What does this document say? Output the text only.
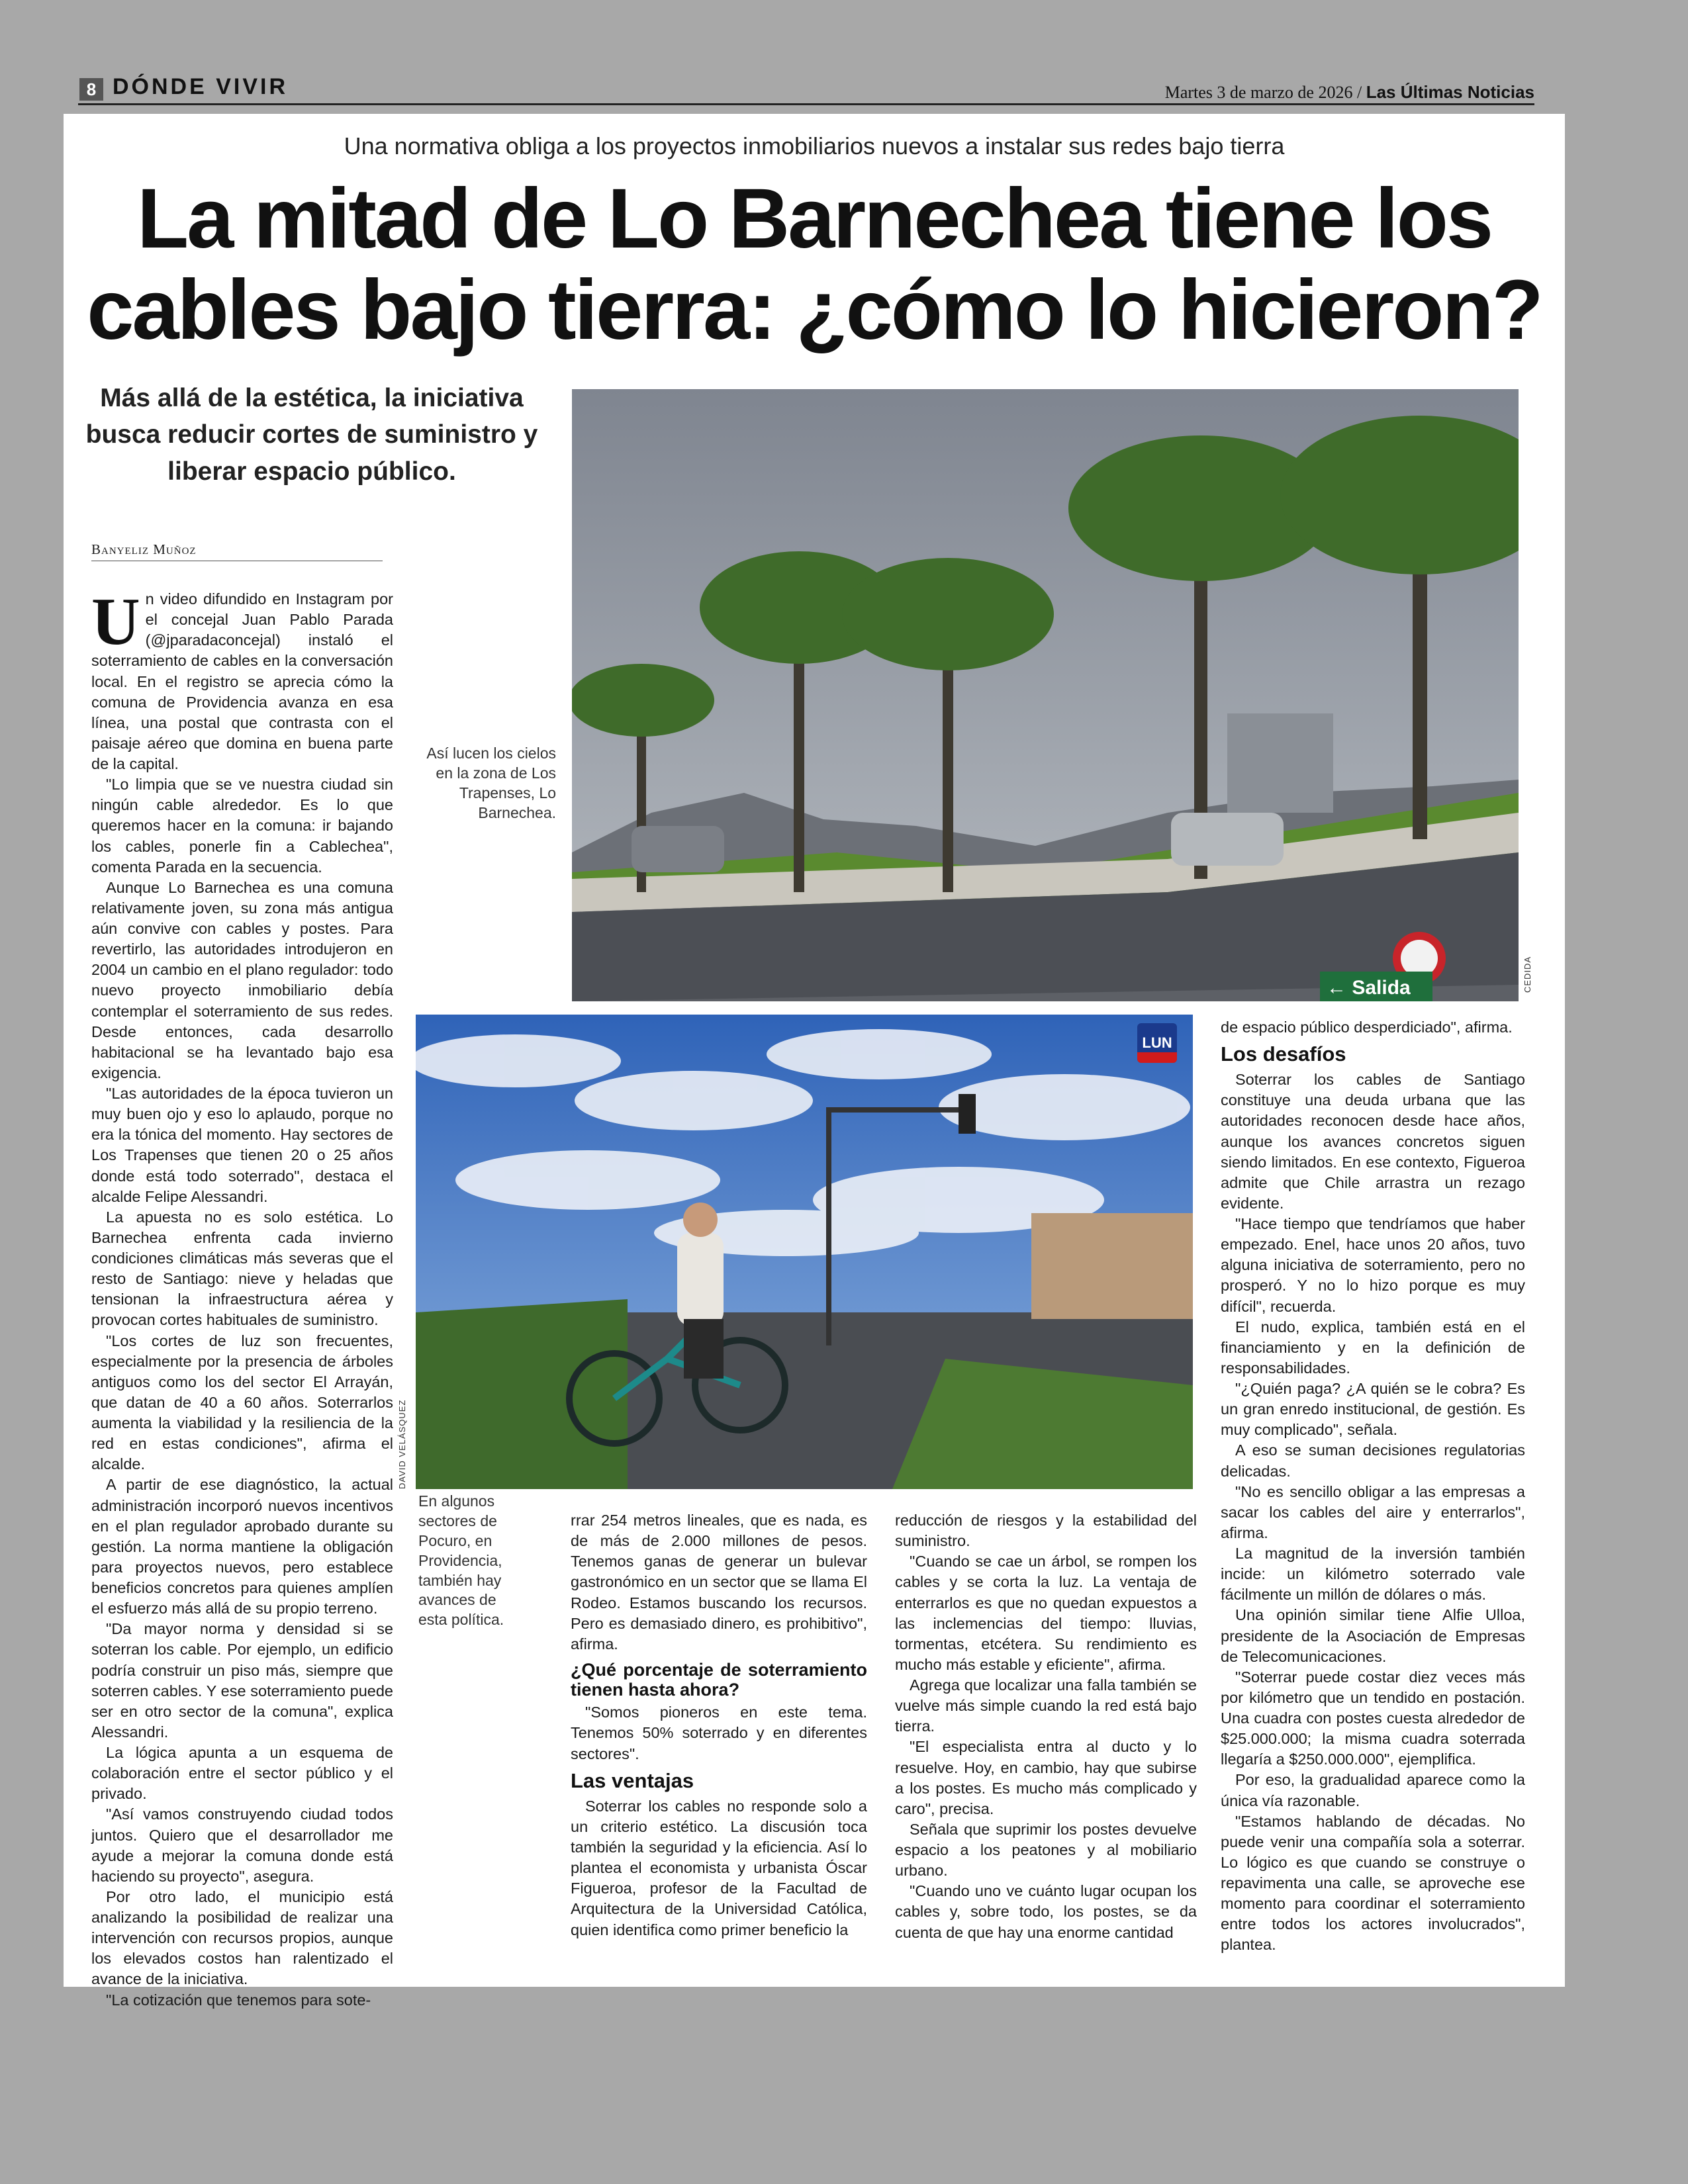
8 DÓNDE VIVIR	Martes 3 de marzo de 2026 / Las Últimas Noticias
Una normativa obliga a los proyectos inmobiliarios nuevos a instalar sus redes bajo tierra
La mitad de Lo Barnechea tiene los
cables bajo tierra: ¿cómo lo hicieron?
Más allá de la estética, la iniciativa busca reducir cortes de suministro y liberar espacio público.
Banyeliz Muñoz
← Salida
Así lucen los cielos en la zona de Los Trapenses, Lo Barnechea.
CEDIDA
LUN
En algunos sectores de Pocuro, en Providencia, también hay avances de esta política.
DAVID VELÁSQUEZ

Un video difundido en Instagram por el concejal Juan Pablo Parada (@jparadaconcejal) instaló el soterramiento de cables en la conversación local. En el registro se aprecia cómo la comuna de Providencia avanza en esa línea, una postal que contrasta con el paisaje aéreo que domina en buena parte de la capital.

"Lo limpia que se ve nuestra ciudad sin ningún cable alrededor. Es lo que queremos hacer en la comuna: ir bajando los cables, ponerle fin a Cablechea", comenta Parada en la secuencia.

Aunque Lo Barnechea es una comuna relativamente joven, su zona más antigua aún convive con cables y postes. Para revertirlo, las autoridades introdujeron en 2004 un cambio en el plano regulador: todo nuevo proyecto inmobiliario debía contemplar el soterramiento de sus redes. Desde entonces, cada desarrollo habitacional se ha levantado bajo esa exigencia.

"Las autoridades de la época tuvieron un muy buen ojo y eso lo aplaudo, porque no era la tónica del momento. Hay sectores de Los Trapenses que tienen 20 o 25 años donde está todo soterrado", destaca el alcalde Felipe Alessandri.

La apuesta no es solo estética. Lo Barnechea enfrenta cada invierno condiciones climáticas más severas que el resto de Santiago: nieve y heladas que tensionan la infraestructura aérea y provocan cortes habituales de suministro.

"Los cortes de luz son frecuentes, especialmente por la presencia de árboles antiguos como los del sector El Arrayán, que datan de 40 a 60 años. Soterrarlos aumenta la viabilidad y la resiliencia de la red en estas condiciones", afirma el alcalde.

A partir de ese diagnóstico, la actual administración incorporó nuevos incentivos en el plan regulador aprobado durante su gestión. La norma mantiene la obligación para proyectos nuevos, pero establece beneficios concretos para quienes amplíen el esfuerzo más allá de su propio terreno.

"Da mayor norma y densidad si se soterran los cable. Por ejemplo, un edificio podría construir un piso más, siempre que soterren cables. Y ese soterramiento puede ser en otro sector de la comuna", explica Alessandri.

La lógica apunta a un esquema de colaboración entre el sector público y el privado.

"Así vamos construyendo ciudad todos juntos. Quiero que el desarrollador me ayude a mejorar la comuna donde está haciendo su proyecto", asegura.

Por otro lado, el municipio está analizando la posibilidad de realizar una intervención con recursos propios, aunque los elevados costos han ralentizado el avance de la iniciativa.

"La cotización que tenemos para sote-

rrar 254 metros lineales, que es nada, es de más de 2.000 millones de pesos. Tenemos ganas de generar un bulevar gastronómico en un sector que se llama El Rodeo. Estamos buscando los recursos. Pero es demasiado dinero, es prohibitivo", afirma.

¿Qué porcentaje de soterramiento tienen hasta ahora?

"Somos pioneros en este tema. Tenemos 50% soterrado y en diferentes sectores".

Las ventajas

Soterrar los cables no responde solo a un criterio estético. La discusión toca también la seguridad y la eficiencia. Así lo plantea el economista y urbanista Óscar Figueroa, profesor de la Facultad de Arquitectura de la Universidad Católica, quien identifica como primer beneficio la

reducción de riesgos y la estabilidad del suministro.

"Cuando se cae un árbol, se rompen los cables y se corta la luz. La ventaja de enterrarlos es que no quedan expuestos a las inclemencias del tiempo: lluvias, tormentas, etcétera. Su rendimiento es mucho más estable y eficiente", afirma.

Agrega que localizar una falla también se vuelve más simple cuando la red está bajo tierra.

"El especialista entra al ducto y lo resuelve. Hoy, en cambio, hay que subirse a los postes. Es mucho más complicado y caro", precisa.

Señala que suprimir los postes devuelve espacio a los peatones y al mobiliario urbano.

"Cuando uno ve cuánto lugar ocupan los cables y, sobre todo, los postes, se da cuenta de que hay una enorme cantidad

de espacio público desperdiciado", afirma.

Los desafíos

Soterrar los cables de Santiago constituye una deuda urbana que las autoridades reconocen desde hace años, aunque los avances concretos siguen siendo limitados. En ese contexto, Figueroa admite que Chile arrastra un rezago evidente.

"Hace tiempo que tendríamos que haber empezado. Enel, hace unos 20 años, tuvo alguna iniciativa de soterramiento, pero no prosperó. Y no lo hizo porque es muy difícil", recuerda.

El nudo, explica, también está en el financiamiento y en la definición de responsabilidades.

"¿Quién paga? ¿A quién se le cobra? Es un gran enredo institucional, de gestión. Es muy complicado", señala.

A eso se suman decisiones regulatorias delicadas.

"No es sencillo obligar a las empresas a sacar los cables del aire y enterrarlos", afirma.

La magnitud de la inversión también incide: un kilómetro soterrado vale fácilmente un millón de dólares o más.

Una opinión similar tiene Alfie Ulloa, presidente de la Asociación de Empresas de Telecomunicaciones.

"Soterrar puede costar diez veces más por kilómetro que un tendido en postación. Una cuadra con postes cuesta alrededor de $25.000.000; la misma cuadra soterrada llegaría a $250.000.000", ejemplifica.

Por eso, la gradualidad aparece como la única vía razonable.

"Estamos hablando de décadas. No puede venir una compañía sola a soterrar. Lo lógico es que cuando se construye o repavimenta una calle, se aproveche ese momento para coordinar el soterramiento entre todos los actores involucrados", plantea.
